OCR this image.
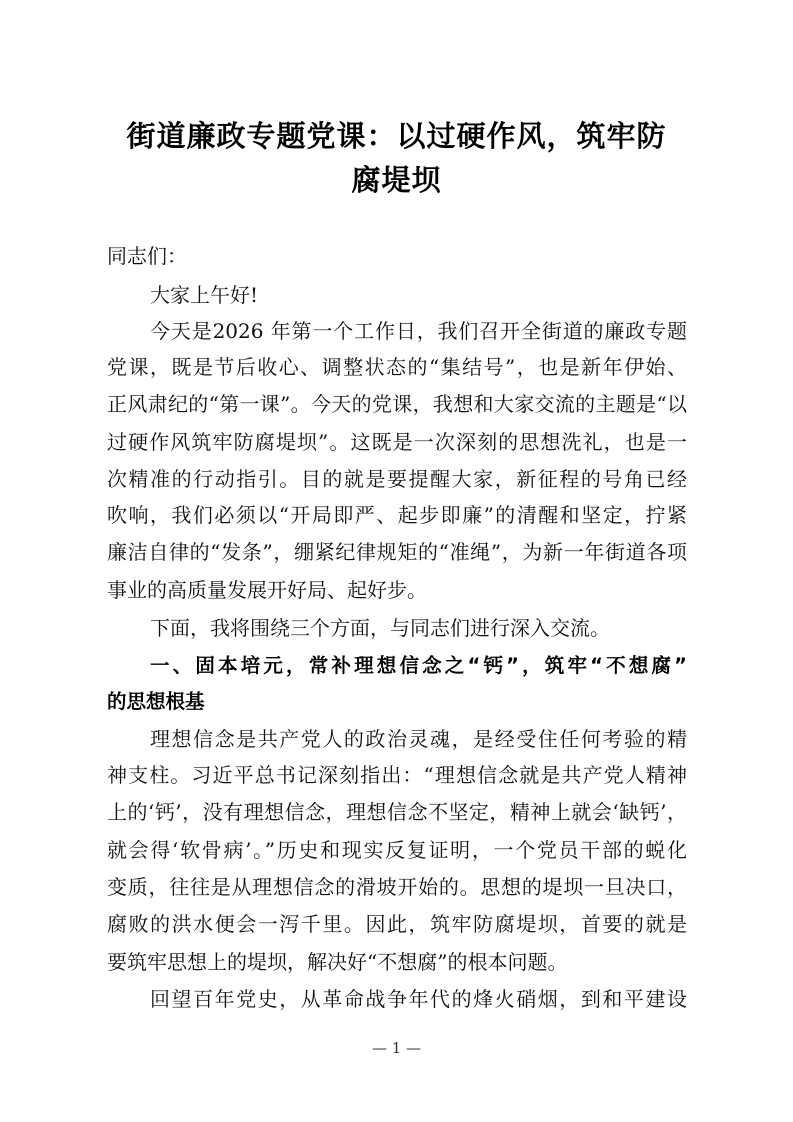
街道廉政专题党课：以过硬作风，筑牢防
腐堤坝
同志们：
大家上午好!
今天是2026 年第一个工作日，我们召开全街道的廉政专题
党课，既是节后收心、调整状态的“集结号”，也是新年伊始、
正风肃纪的“第一课”。今天的党课，我想和大家交流的主题是“以
过硬作风筑牢防腐堤坝”。这既是一次深刻的思想洗礼，也是一
次精准的行动指引。目的就是要提醒大家，新征程的号角已经
吹响，我们必须以“开局即严、起步即廉”的清醒和坚定，拧紧
廉洁自律的“发条”，绷紧纪律规矩的“准绳”，为新一年街道各项
事业的高质量发展开好局、起好步。
下面，我将围绕三个方面，与同志们进行深入交流。
一、固本培元，常补理想信念之“钙”，筑牢“不想腐”
的思想根基
理想信念是共产党人的政治灵魂，是经受住任何考验的精
神支柱。习近平总书记深刻指出：“理想信念就是共产党人精神
上的‘钙’，没有理想信念，理想信念不坚定，精神上就会‘缺钙’，
就会得‘软骨病’。”历史和现实反复证明，一个党员干部的蜕化
变质，往往是从理想信念的滑坡开始的。思想的堤坝一旦决口，
腐败的洪水便会一泻千里。因此，筑牢防腐堤坝，首要的就是
要筑牢思想上的堤坝，解决好“不想腐”的根本问题。
回望百年党史，从革命战争年代的烽火硝烟，到和平建设
— 1 —
